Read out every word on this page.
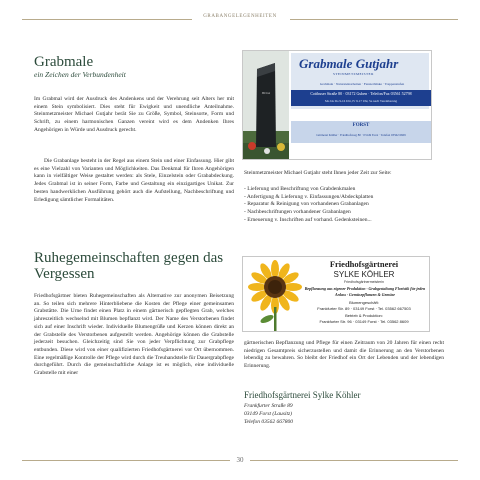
GRABANGELEGENHEITEN
Grabmale
ein Zeichen der Verbundenheit

Im Grabmal wird der Ausdruck des Andenkens und der Verehrung seit Alters her mit einem Stein symbolisiert. Dies steht für Ewigkeit und unendliche Anteilnahme. Steinmetzmeister Michael Gutjahr berät Sie zu Größe, Symbol, Steinsorte, Form und Schrift, zu einem harmonischen Ganzen vereint wird es dem Andenken Ihres Angehörigen in Würde und Ausdruck gerecht.

Die Grabanlage besteht in der Regel aus einem Stein und einer Einfassung. Hier gibt es eine Vielzahl von Varianten und Möglichkeiten. Das Denkmal für Ihren Angehörigen kann in vielfältiger Weise gestaltet werden: als Stele, Einzelstein oder Grababdeckung. Jedes Grabmal ist in seiner Form, Farbe und Gestaltung ein einzigartiges Unikat. Zur besten handwerklichen Ausführung gehört auch die Aufstellung, Nachbeschriftung und Erledigung sämtlicher Formalitäten.

Steinmetzmeister Michael Gutjahr steht Ihnen jeder Zeit zur Seite:

- Lieferung und Beschriftung von Grabdenkmalen
- Anfertigung & Lieferung v. Einfassungen/Abdeckplatten
- Reparatur & Reinigung von vorhandenen Grabanlagen
- Nachbeschriftungen vorhandener Grabanlagen
- Erneuerung v. Inschriften auf vorhand. Gedenksteinen...
Heinz
Grabmale Gutjahr
STEINMETZMEISTER
Grabmale · Natursteinarbeiten · Fensterbänke · Treppenstufen
Cottbuser Straße 80 · 03172 Guben · Telefon/Fax 03561 52798
Mo bis Do 9-16 Uhr, Fr 9-17 Uhr, Sa nach Vereinbarung
FORST
Gärtnerei Köhler · Friedhofsweg 80 · 03149 Forst · Telefon 03562 6609
Ruhegemeinschaften gegen das Vergessen

Friedhofsgärtner bieten Ruhegemeinschaften als Alternative zur anonymen Beisetzung an. So teilen sich mehrere Hinterbliebene die Kosten der Pflege einer gemeinsamen Grabstätte. Die Urne findet einen Platz in einem gärtnerisch gepflegten Grab, welches jahreszeitlich wechselnd mit Blumen bepflanzt wird. Der Name des Verstorbenen findet sich auf einer Inschrift wieder. Individuelle Blumengrüße und Kerzen können direkt an der Grabstelle des Verstorbenen aufgestellt werden. Angehörige können die Grabstelle jederzeit besuchen. Gleichzeitig sind Sie von jeder Verpflichtung zur Grabpflege entbunden. Diese wird von einer qualifizierten Friedhofsgärtnerei vor Ort übernommen. Eine regelmäßige Kontrolle der Pflege wird durch die Treuhandstelle für Dauergrabpflege durchgeführt. Durch die gemeinschaftliche Anlage ist es möglich, eine individuelle Grabstelle mit einer

gärtnerischen Bepflanzung und Pflege für einen Zeitraum von 20 Jahren für einen recht niedrigen Gesamtpreis sicherzustellen und damit die Erinnerung an den Verstorbenen lebendig zu bewahren. So bleibt der Friedhof ein Ort der Lebenden und der lebendigen Erinnerung.

Friedhofsgärtnerei Sylke Köhler
Frankfurter Straße 89
03149 Forst (Lausitz)
Telefon 03562 667800
Friedhofsgärtnerei
SYLKE KÖHLER
Friedhofsgärtnermeisterin
Bepflanzung aus eigener Produktion · Grabgestaltung Floristik für jeden Anlass · Gemüsepflanzen & Gemüse
Blumengeschäft:
Frankfurter Str. 89 · 03149 Forst · Tel. 03562 667503
Betrieb & Produktion:
Frankfurter Str. 96 · 03149 Forst · Tel. 03562 8609
30
